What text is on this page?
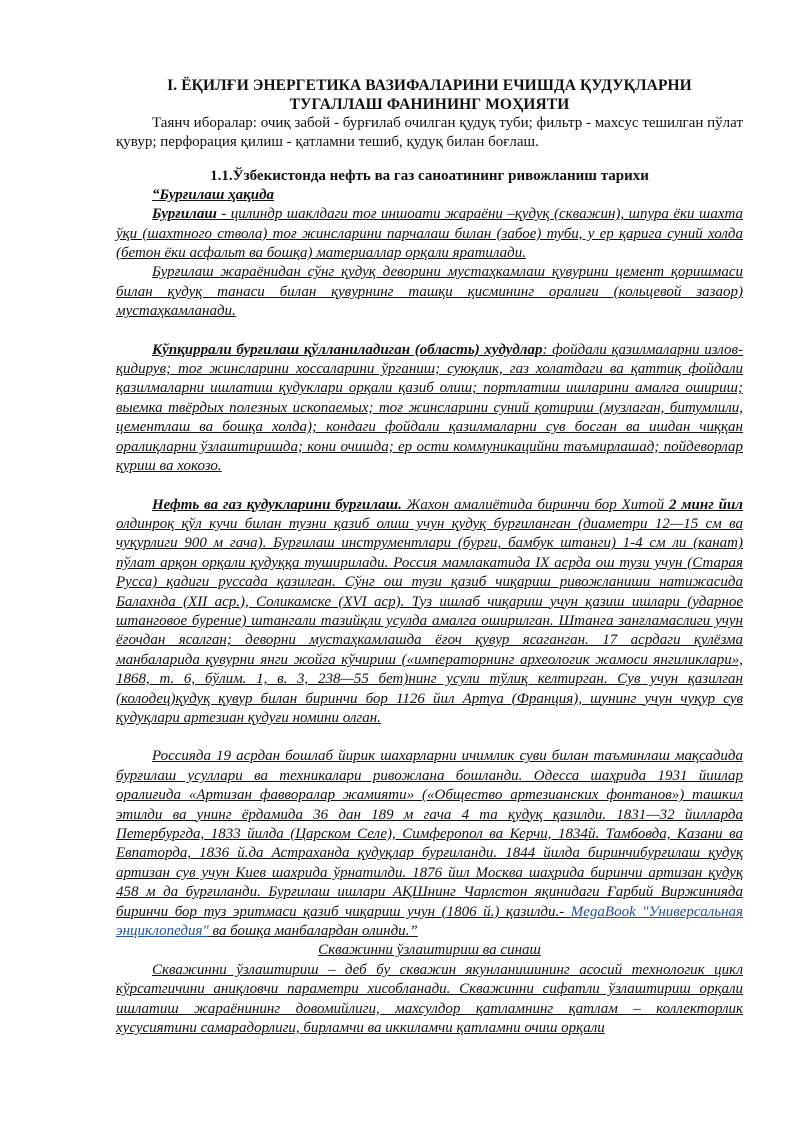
I. ЁҚИЛҒИ ЭНЕРГЕТИКА ВАЗИФАЛАРИНИ ЕЧИШДА ҚУДУҚЛАРНИ
ТУГАЛЛАШ ФАНИНИНГ МОҲИЯТИ

Таянч иборалар: очиқ забой - бурғилаб очилган қудуқ туби; фильтр - махсус тешилган пўлат қувур; перфорация қилиш - қатламни тешиб, қудуқ билан боғлаш.

1.1.Ўзбекистонда нефть ва газ саноатининг ривожланиш тарихи

“Бурғилаш ҳақида

Бурғилаш - цилиндр шаклдаги тоғ иншоати жараёни –қудуқ (скважин), шпура ёки шахта ўқи (шахтного ствола) тоғ жинсларини парчалаш билан (забое) туби, у ер қарига суний холда (бетон ёки асфальт ва бошқа) материаллар орқали яратилади.

Бурғилаш жараёнидан сўнг қудуқ деворини мустаҳкамлаш қувурини цемент қоришмаси билан қудуқ танаси билан қувурнинг ташқи қисмининг оралиғи (кольцевой зазаор) мустаҳкамланади.

Кўпқиррали бурғилаш қўлланиладиган (область) худудлар: фойдали қазилмаларни излов-қидирув; тоғ жинсларини хоссаларини ўрганиш; суюқлик, газ холатдаги ва қаттиқ фойдали қазилмаларни ишлатиш қудуклари орқали қазиб олиш; портлатиш ишларини амалга ошириш; выемка твёрдых полезных ископаемых; тоғ жинсларини суний қотириш (музлаган, битумлили, цементлаш ва бошқа холда); кондаги фойдали қазилмаларни сув босган ва ишдан чиққан оралиқларни ўзлаштиришда; кони очишда; ер ости коммуникацийни таъмирлашад; пойдеворлар қуриш ва хокозо.

Нефть ва газ қудукларини бурғилаш. Жахон амалиётида биринчи бор Хитой 2 минг йил олдинроқ қўл кучи билан тузни қазиб олиш учун қудуқ бурғиланган (диаметри 12—15 см ва чуқурлиги 900 м гача). Бурғилаш инструментлари (бурғи, бамбук штанги) 1-4 см ли (канат) пўлат арқон орқали қудуққа туширилади. Россия мамлакатида IX асрда ош тузи учун (Старая Русса) қадиги руссада қазилган. Сўнг ош тузи қазиб чиқариш ривожланиши натижасида Балахнда (XII аср.), Соликамске (XVI аср). Туз ишлаб чиқариш учун қазиш ишлари (ударное штанговое бурение) штангали тазийқли усулда амалга оширилган. Штанга занғламаслиги учун ёғочдан ясалган; деворни мустаҳкамлашда ёғоч қувур ясаганган. 17 асрдаги қулёзма манбаларида қувурни янги жойга кўчириш («императорнинг археологик жамоси янгиликлари», 1868, т. 6, бўлим. 1, в. 3, 238—55 бет)нинг усули тўлиқ келтирган. Сув учун қазилган (колодец)қудуқ қувур билан биринчи бор 1126 йил Артуа (Франция), шунинг учун чуқур сув қудуқлари артезиан қудуғи номини олган.

Россияда 19 асрдан бошлаб йирик шахарларни ичимлик суви билан таъминлаш мақсадида бурғилаш усуллари ва техникалари ривожлана бошланди. Одесса шаҳрида 1931 йиилар оралиғида «Артизан фавворалар жамияти» («Общество артезианских фонтанов») ташкил этилди ва унинг ёрдамида 36 дан 189 м гача 4 та қудуқ қазилди. 1831—32 йилларда Петербургда, 1833 йилда (Царском Селе), Симферопол ва Керчи, 1834й. Тамбовда, Казани ва Евпаторда, 1836 й.да Астраханда қудуқлар бурғиланди. 1844 йилда биринчибурғилаш қудуқ артизан сув учун Киев шахрида ўрнатилди. 1876 йил Москва шаҳрида биринчи артизан қудуқ 458 м да бурғиланди. Бурғилаш ишлари АҚШнинг Чарлстон яқинидаги Ғарбий Виржинияда биринчи бор туз эритмаси қазиб чиқариш учун (1806 й.) қазилди.- MegaBook "Универсальная энциклопедия" ва бошқа манбалардан олинди.”

Скважинни ўзлаштириш ва синаш

Скважинни ўзлаштириш – деб бу скважин якунланишининг асосий технологик цикл кўрсатгичини аниқловчи параметри хисобланади. Скважинни сифатли ўзлаштириш орқали ишлатиш жараёнининг довомийлиги, махсулдор қатламнинг қатлам – коллекторлик хусусиятини самарадорлиги, бирламчи ва иккиламчи қатламни очиш орқали
